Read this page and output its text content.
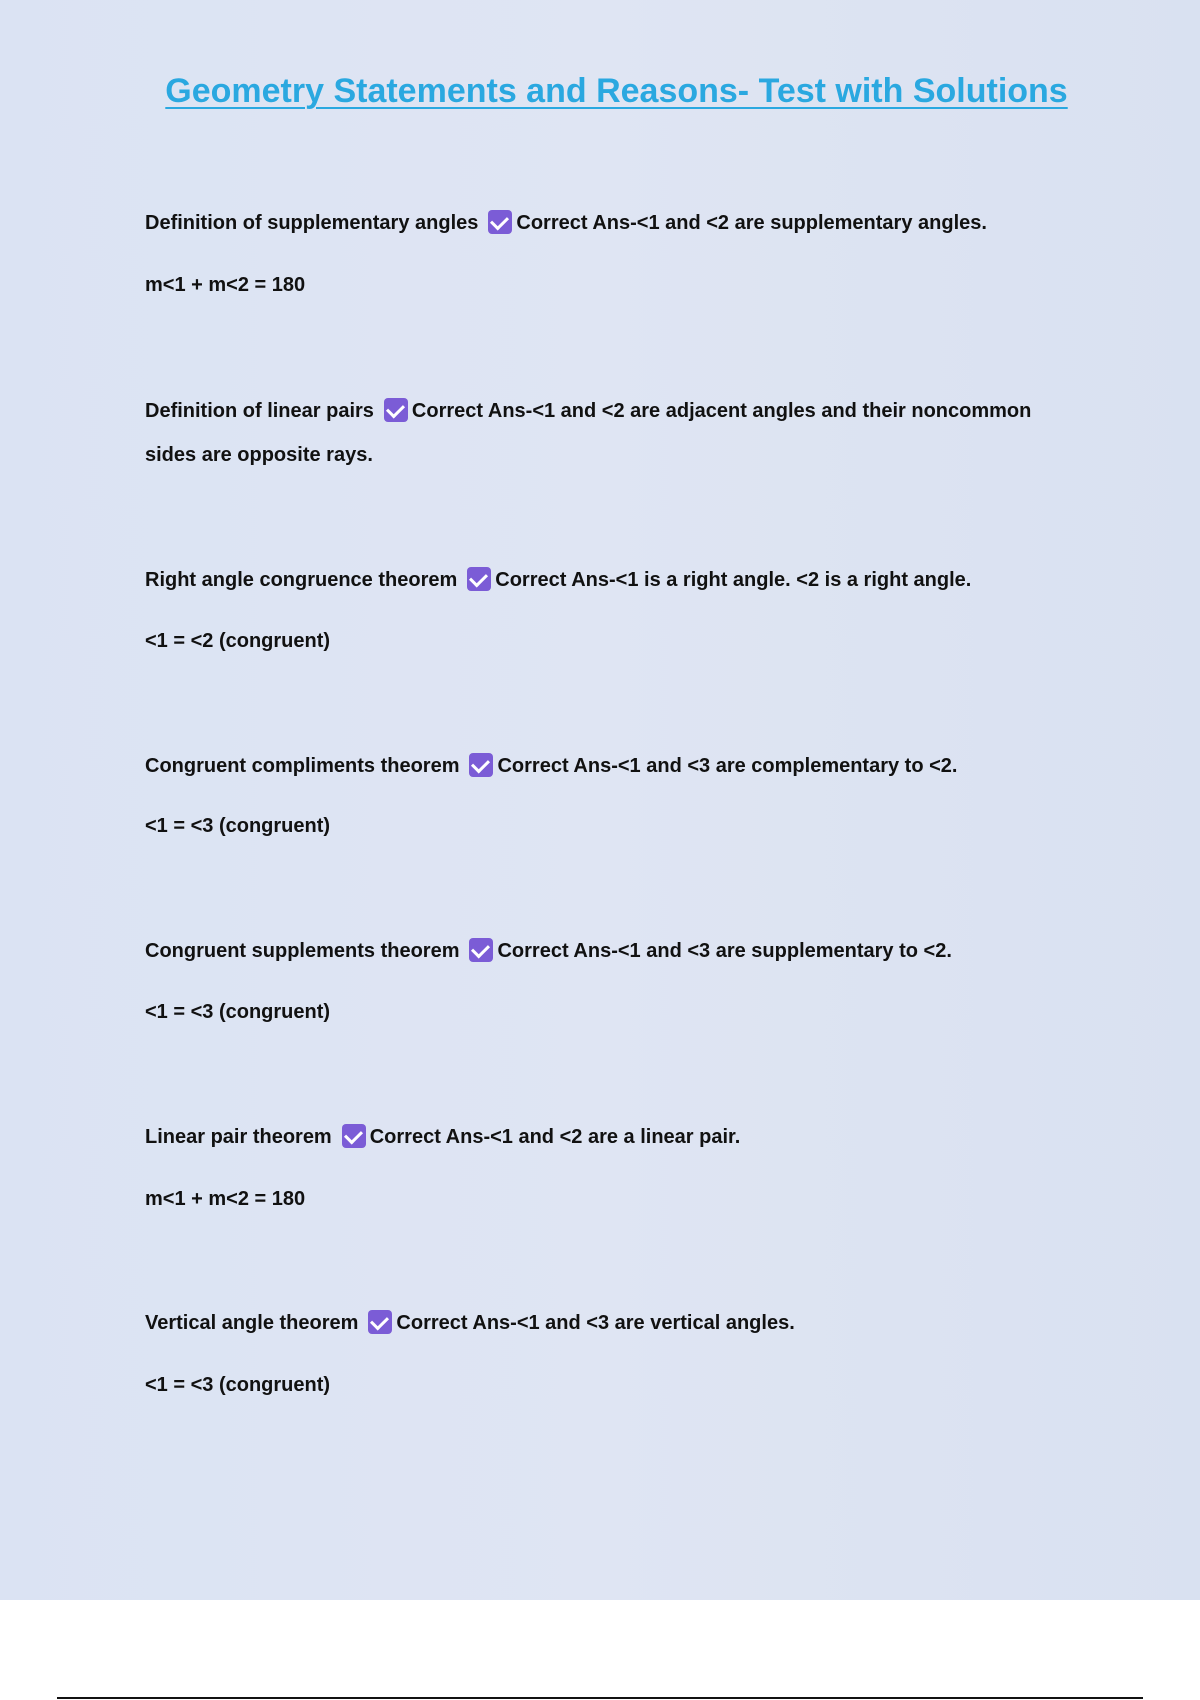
Geometry Statements and Reasons- Test with Solutions
Definition of supplementary angles Correct Ans-<1 and <2 are supplementary angles.
m<1 + m<2 = 180
Definition of linear pairs Correct Ans-<1 and <2 are adjacent angles and their noncommon
sides are opposite rays.
Right angle congruence theorem Correct Ans-<1 is a right angle. <2 is a right angle.
<1 = <2 (congruent)
Congruent compliments theorem Correct Ans-<1 and <3 are complementary to <2.
<1 = <3 (congruent)
Congruent supplements theorem Correct Ans-<1 and <3 are supplementary to <2.
<1 = <3 (congruent)
Linear pair theorem Correct Ans-<1 and <2 are a linear pair.
m<1 + m<2 = 180
Vertical angle theorem Correct Ans-<1 and <3 are vertical angles.
<1 = <3 (congruent)
